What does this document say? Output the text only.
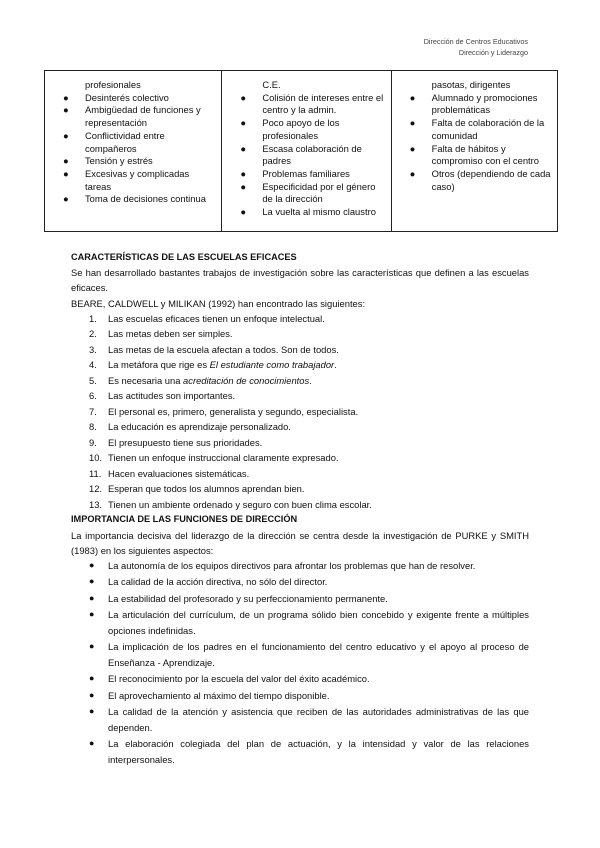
Dirección de Centros Educativos
Dirección y Liderazgo
profesionales
● Desinterés colectivo
● Ambigüedad de funciones y representación
● Conflictividad entre compañeros
● Tensión y estrés
● Excesivas y complicadas tareas
● Toma de decisiones continua
C.E.
● Colisión de intereses entre el centro y la admin.
● Poco apoyo de los profesionales
● Escasa colaboración de padres
● Problemas familiares
● Especificidad por el género de la dirección
● La vuelta al mismo claustro
pasotas, dirigentes
● Alumnado y promociones problemáticas
● Falta de colaboración de la comunidad
● Falta de hábitos y compromiso con el centro
● Otros (dependiendo de cada caso)
CARACTERÍSTICAS DE LAS ESCUELAS EFICACES

Se han desarrollado bastantes trabajos de investigación sobre las características que definen a las escuelas eficaces.

BEARE, CALDWELL y MILIKAN (1992) han encontrado las siguientes:

1. Las escuelas eficaces tienen un enfoque intelectual.
2. Las metas deben ser simples.
3. Las metas de la escuela afectan a todos. Son de todos.
4. La metáfora que rige es El estudiante como trabajador.
5. Es necesaria una acreditación de conocimientos.
6. Las actitudes son importantes.
7. El personal es, primero, generalista y segundo, especialista.
8. La educación es aprendizaje personalizado.
9. El presupuesto tiene sus prioridades.
10. Tienen un enfoque instruccional claramente expresado.
11. Hacen evaluaciones sistemáticas.
12. Esperan que todos los alumnos aprendan bien.
13. Tienen un ambiente ordenado y seguro con buen clima escolar.
IMPORTANCIA DE LAS FUNCIONES DE DIRECCIÓN

La importancia decisiva del liderazgo de la dirección se centra desde la investigación de PURKE y SMITH (1983) en los siguientes aspectos:

● La autonomía de los equipos directivos para afrontar los problemas que han de resolver.
● La calidad de la acción directiva, no sólo del director.
● La estabilidad del profesorado y su perfeccionamiento permanente.
● La articulación del currículum, de un programa sólido bien concebido y exigente frente a múltiples opciones indefinidas.
● La implicación de los padres en el funcionamiento del centro educativo y el apoyo al proceso de Enseñanza - Aprendizaje.
● El reconocimiento por la escuela del valor del éxito académico.
● El aprovechamiento al máximo del tiempo disponible.
● La calidad de la atención y asistencia que reciben de las autoridades administrativas de las que dependen.
● La elaboración colegiada del plan de actuación, y la intensidad y valor de las relaciones interpersonales.
